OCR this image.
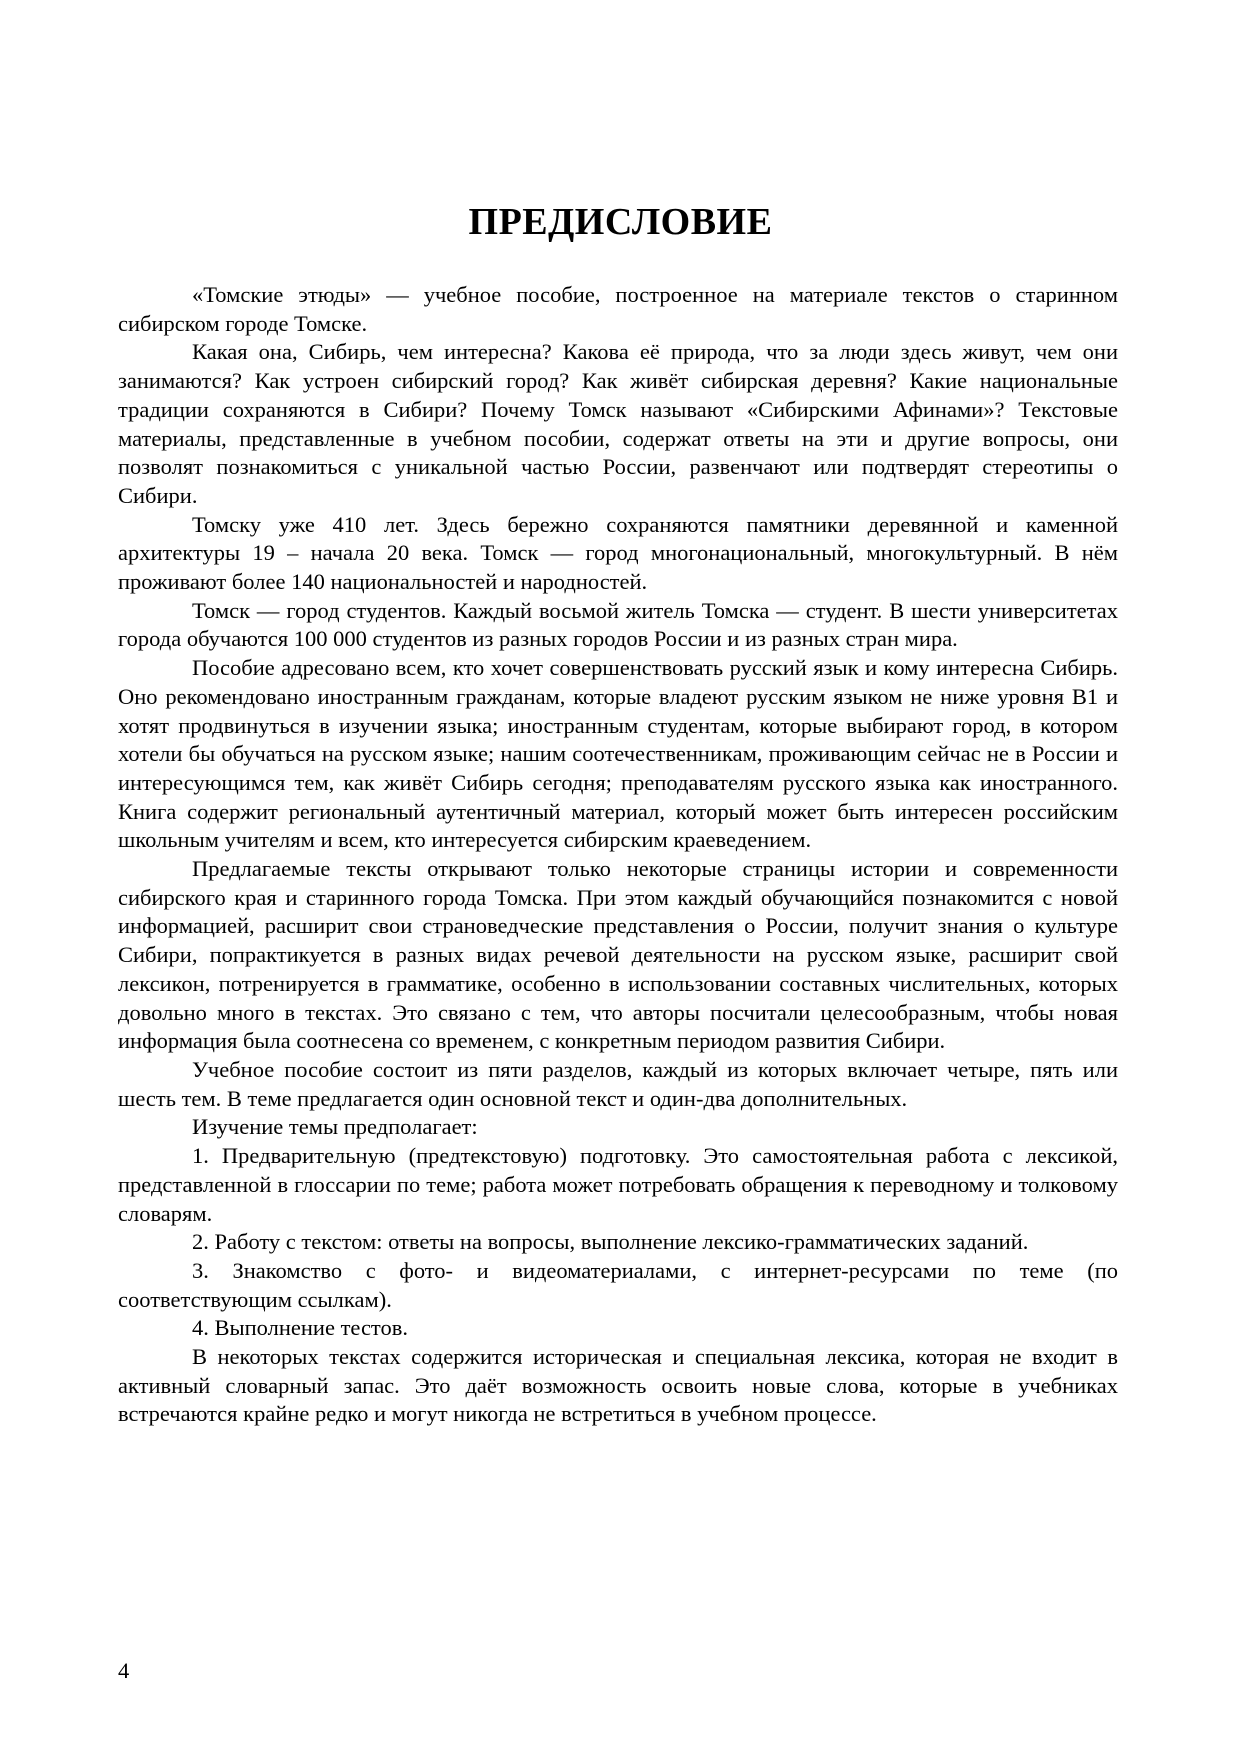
ПРЕДИСЛОВИЕ

«Томские этюды» — учебное пособие, построенное на материале текстов о старинном сибирском городе Томске.

Какая она, Сибирь, чем интересна? Какова её природа, что за люди здесь живут, чем они занимаются? Как устроен сибирский город? Как живёт сибирская деревня? Какие национальные традиции сохраняются в Сибири? Почему Томск называют «Сибирскими Афинами»? Текстовые материалы, представленные в учебном пособии, содержат ответы на эти и другие вопросы, они позволят познакомиться с уникальной частью России, развенчают или подтвердят стереотипы о Сибири.

Томску уже 410 лет. Здесь бережно сохраняются памятники деревянной и каменной архитектуры 19 – начала 20 века. Томск — город многонациональный, многокультурный. В нём проживают более 140 национальностей и народностей.

Томск — город студентов. Каждый восьмой житель Томска — студент. В шести университетах города обучаются 100 000 студентов из разных городов России и из разных стран мира.

Пособие адресовано всем, кто хочет совершенствовать русский язык и кому интересна Сибирь. Оно рекомендовано иностранным гражданам, которые владеют русским языком не ниже уровня В1 и хотят продвинуться в изучении языка; иностранным студентам, которые выбирают город, в котором хотели бы обучаться на русском языке; нашим соотечественникам, проживающим сейчас не в России и интересующимся тем, как живёт Сибирь сегодня; преподавателям русского языка как иностранного. Книга содержит региональный аутентичный материал, который может быть интересен российским школьным учителям и всем, кто интересуется сибирским краеведением.

Предлагаемые тексты открывают только некоторые страницы истории и современности сибирского края и старинного города Томска. При этом каждый обучающийся познакомится с новой информацией, расширит свои страноведческие представления о России, получит знания о культуре Сибири, попрактикуется в разных видах речевой деятельности на русском языке, расширит свой лексикон, потренируется в грамматике, особенно в использовании составных числительных, которых довольно много в текстах. Это связано с тем, что авторы посчитали целесообразным, чтобы новая информация была соотнесена со временем, с конкретным периодом развития Сибири.

Учебное пособие состоит из пяти разделов, каждый из которых включает четыре, пять или шесть тем. В теме предлагается один основной текст и один-два дополнительных.

Изучение темы предполагает:

1. Предварительную (предтекстовую) подготовку. Это самостоятельная работа с лексикой, представленной в глоссарии по теме; работа может потребовать обращения к переводному и толковому словарям.

2. Работу с текстом: ответы на вопросы, выполнение лексико-грамматических заданий.

3. Знакомство с фото- и видеоматериалами, с интернет-ресурсами по теме (по соответствующим ссылкам).

4. Выполнение тестов.

В некоторых текстах содержится историческая и специальная лексика, которая не входит в активный словарный запас. Это даёт возможность освоить новые слова, которые в учебниках встречаются крайне редко и могут никогда не встретиться в учебном процессе.

4
